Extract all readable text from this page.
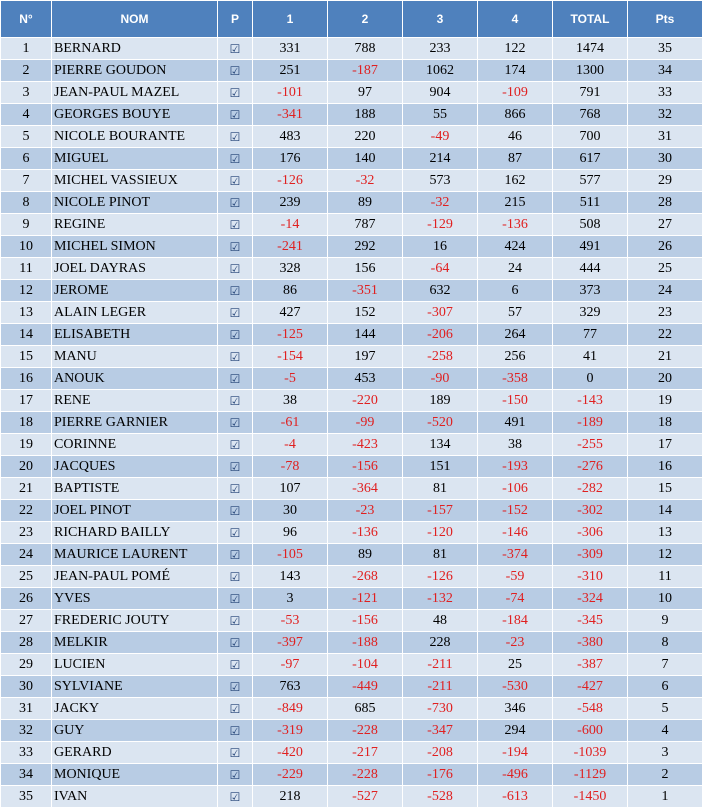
N°	NOM	P	1	2	3	4	TOTAL	Pts
1	BERNARD	☑	331	788	233	122	1474	35
2	PIERRE GOUDON	☑	251	-187	1062	174	1300	34
3	JEAN-PAUL MAZEL	☑	-101	97	904	-109	791	33
4	GEORGES BOUYE	☑	-341	188	55	866	768	32
5	NICOLE BOURANTE	☑	483	220	-49	46	700	31
6	MIGUEL	☑	176	140	214	87	617	30
7	MICHEL VASSIEUX	☑	-126	-32	573	162	577	29
8	NICOLE PINOT	☑	239	89	-32	215	511	28
9	REGINE	☑	-14	787	-129	-136	508	27
10	MICHEL SIMON	☑	-241	292	16	424	491	26
11	JOEL DAYRAS	☑	328	156	-64	24	444	25
12	JEROME	☑	86	-351	632	6	373	24
13	ALAIN LEGER	☑	427	152	-307	57	329	23
14	ELISABETH	☑	-125	144	-206	264	77	22
15	MANU	☑	-154	197	-258	256	41	21
16	ANOUK	☑	-5	453	-90	-358	0	20
17	RENE	☑	38	-220	189	-150	-143	19
18	PIERRE GARNIER	☑	-61	-99	-520	491	-189	18
19	CORINNE	☑	-4	-423	134	38	-255	17
20	JACQUES	☑	-78	-156	151	-193	-276	16
21	BAPTISTE	☑	107	-364	81	-106	-282	15
22	JOEL PINOT	☑	30	-23	-157	-152	-302	14
23	RICHARD BAILLY	☑	96	-136	-120	-146	-306	13
24	MAURICE LAURENT	☑	-105	89	81	-374	-309	12
25	JEAN-PAUL POMÉ	☑	143	-268	-126	-59	-310	11
26	YVES	☑	3	-121	-132	-74	-324	10
27	FREDERIC JOUTY	☑	-53	-156	48	-184	-345	9
28	MELKIR	☑	-397	-188	228	-23	-380	8
29	LUCIEN	☑	-97	-104	-211	25	-387	7
30	SYLVIANE	☑	763	-449	-211	-530	-427	6
31	JACKY	☑	-849	685	-730	346	-548	5
32	GUY	☑	-319	-228	-347	294	-600	4
33	GERARD	☑	-420	-217	-208	-194	-1039	3
34	MONIQUE	☑	-229	-228	-176	-496	-1129	2
35	IVAN	☑	218	-527	-528	-613	-1450	1
